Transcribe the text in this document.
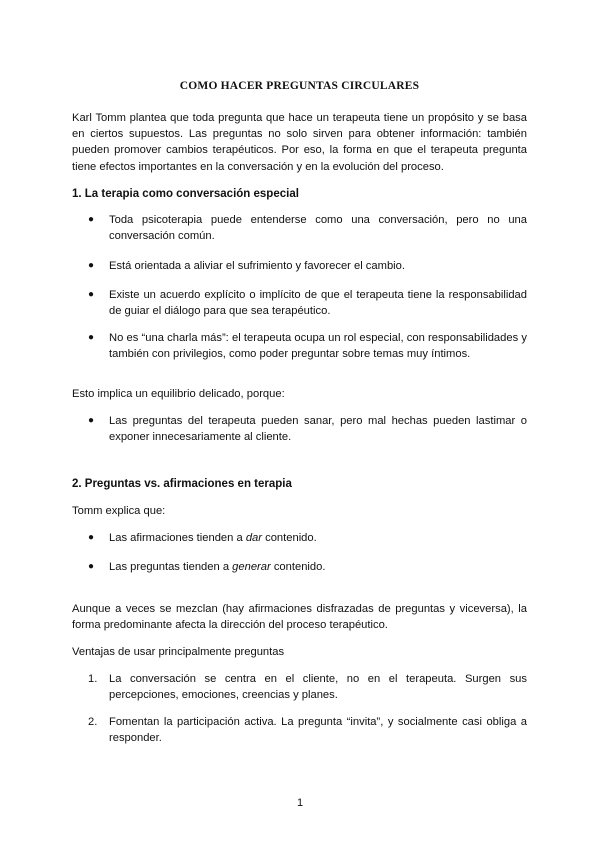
COMO HACER PREGUNTAS CIRCULARES

Karl Tomm plantea que toda pregunta que hace un terapeuta tiene un propósito y se basa en ciertos supuestos. Las preguntas no solo sirven para obtener información: también pueden promover cambios terapéuticos. Por eso, la forma en que el terapeuta pregunta tiene efectos importantes en la conversación y en la evolución del proceso.

1. La terapia como conversación especial
●	Toda psicoterapia puede entenderse como una conversación, pero no una conversación común.

●	Está orientada a aliviar el sufrimiento y favorecer el cambio.

●	Existe un acuerdo explícito o implícito de que el terapeuta tiene la responsabilidad de guiar el diálogo para que sea terapéutico.

●	No es “una charla más”: el terapeuta ocupa un rol especial, con responsabilidades y también con privilegios, como poder preguntar sobre temas muy íntimos.

Esto implica un equilibrio delicado, porque:

●	Las preguntas del terapeuta pueden sanar, pero mal hechas pueden lastimar o exponer innecesariamente al cliente.

2. Preguntas vs. afirmaciones en terapia

Tomm explica que:

●	Las afirmaciones tienden a dar contenido.

●	Las preguntas tienden a generar contenido.

Aunque a veces se mezclan (hay afirmaciones disfrazadas de preguntas y viceversa), la forma predominante afecta la dirección del proceso terapéutico.

Ventajas de usar principalmente preguntas

1.	La conversación se centra en el cliente, no en el terapeuta. Surgen sus percepciones, emociones, creencias y planes.

2.	Fomentan la participación activa. La pregunta “invita”, y socialmente casi obliga a responder.

1
